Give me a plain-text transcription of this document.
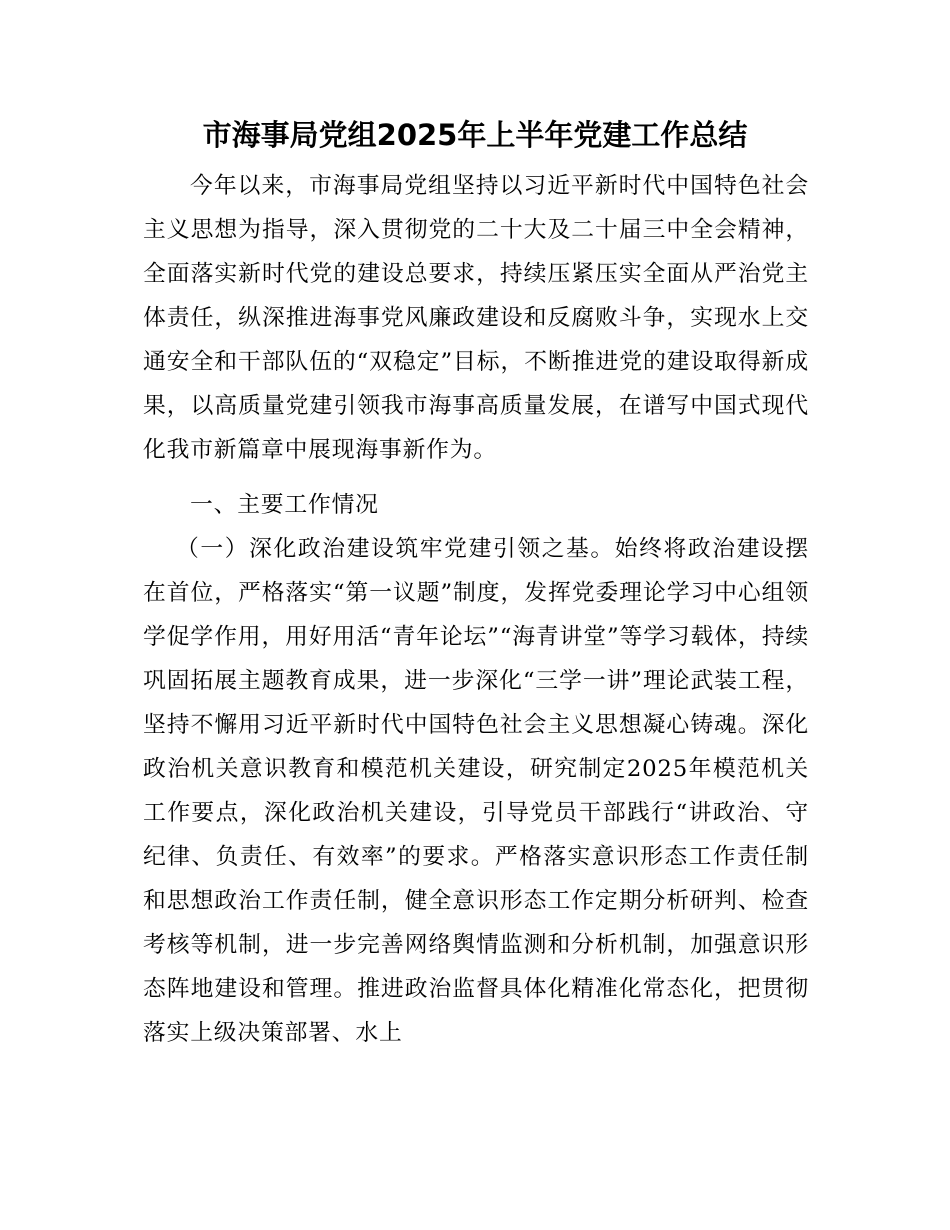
市海事局党组2025年上半年党建工作总结

今年以来，市海事局党组坚持以习近平新时代中国特色社会主义思想为指导，深入贯彻党的二十大及二十届三中全会精神，全面落实新时代党的建设总要求，持续压紧压实全面从严治党主体责任，纵深推进海事党风廉政建设和反腐败斗争，实现水上交通安全和干部队伍的“双稳定”目标，不断推进党的建设取得新成果，以高质量党建引领我市海事高质量发展，在谱写中国式现代化我市新篇章中展现海事新作为。

一、主要工作情况

（一）深化政治建设筑牢党建引领之基。始终将政治建设摆在首位，严格落实“第一议题”制度，发挥党委理论学习中心组领学促学作用，用好用活“青年论坛”“海青讲堂”等学习载体，持续巩固拓展主题教育成果，进一步深化“三学一讲”理论武装工程，坚持不懈用习近平新时代中国特色社会主义思想凝心铸魂。深化政治机关意识教育和模范机关建设，研究制定2025年模范机关工作要点，深化政治机关建设，引导党员干部践行“讲政治、守纪律、负责任、有效率”的要求。严格落实意识形态工作责任制和思想政治工作责任制，健全意识形态工作定期分析研判、检查考核等机制，进一步完善网络舆情监测和分析机制，加强意识形态阵地建设和管理。推进政治监督具体化精准化常态化，把贯彻落实上级决策部署、水上
